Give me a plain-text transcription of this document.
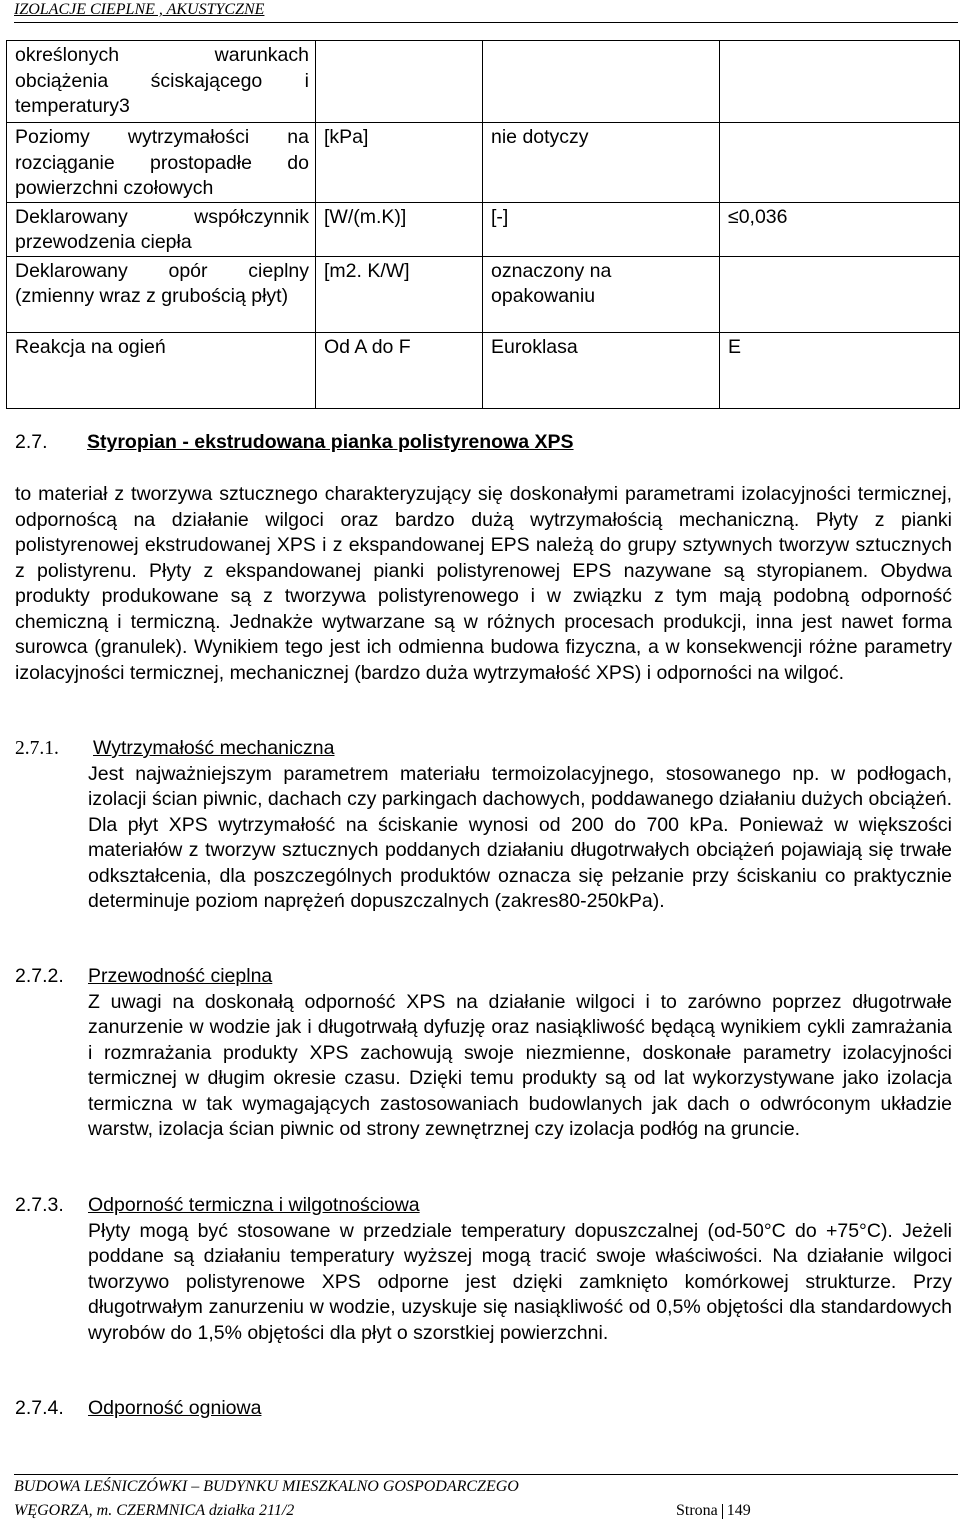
IZOLACJE CIEPLNE , AKUSTYCZNE
określonych warunkach obciążenia ściskającego i temperatury3			
Poziomy wytrzymałości na rozciąganie prostopadłe do powierzchni czołowych	[kPa]	nie dotyczy	
Deklarowany współczynnik przewodzenia ciepła	[W/(m.K)]	[-]	≤0,036
Deklarowany opór cieplny (zmienny wraz z grubością płyt)	[m2. K/W]	oznaczony na opakowaniu	
Reakcja na ogień	Od A do F	Euroklasa	E
2.7. Styropian - ekstrudowana pianka polistyrenowa XPS
to materiał z tworzywa sztucznego charakteryzujący się doskonałymi parametrami izolacyjności termicznej, odpornoścą na działanie wilgoci oraz bardzo dużą wytrzymałością mechaniczną. Płyty z pianki polistyrenowej ekstrudowanej XPS i z ekspandowanej EPS należą do grupy sztywnych tworzyw sztucznych z polistyrenu. Płyty z ekspandowanej pianki polistyrenowej EPS nazywane są styropianem. Obydwa produkty produkowane są z tworzywa polistyrenowego i w związku z tym mają podobną odporność chemiczną i termiczną. Jednakże wytwarzane są w różnych procesach produkcji, inna jest nawet forma surowca (granulek). Wynikiem tego jest ich odmienna budowa fizyczna, a w konsekwencji różne parametry izolacyjności termicznej, mechanicznej (bardzo duża wytrzymałość XPS) i odporności na wilgoć.
2.7.1. Wytrzymałość mechaniczna
Jest najważniejszym parametrem materiału termoizolacyjnego, stosowanego np. w podłogach, izolacji ścian piwnic, dachach czy parkingach dachowych, poddawanego działaniu dużych obciążeń. Dla płyt XPS wytrzymałość na ściskanie wynosi od 200 do 700 kPa. Ponieważ w większości materiałów z tworzyw sztucznych poddanych działaniu długotrwałych obciążeń pojawiają się trwałe odkształcenia, dla poszczególnych produktów oznacza się pełzanie przy ściskaniu co praktycznie determinuje poziom naprężeń dopuszczalnych (zakres80-250kPa).
2.7.2. Przewodność cieplna
Z uwagi na doskonałą odporność XPS na działanie wilgoci i to zarówno poprzez długotrwałe zanurzenie w wodzie jak i długotrwałą dyfuzję oraz nasiąkliwość będącą wynikiem cykli zamrażania i rozmrażania produkty XPS zachowują swoje niezmienne, doskonałe parametry izolacyjności termicznej w długim okresie czasu. Dzięki temu produkty są od lat wykorzystywane jako izolacja termiczna w tak wymagających zastosowaniach budowlanych jak dach o odwróconym układzie warstw, izolacja ścian piwnic od strony zewnętrznej czy izolacja podłóg na gruncie.
2.7.3. Odporność termiczna i wilgotnościowa
Płyty mogą być stosowane w przedziale temperatury dopuszczalnej (od-50°C do +75°C). Jeżeli poddane są działaniu temperatury wyższej mogą tracić swoje właściwości. Na działanie wilgoci tworzywo polistyrenowe XPS odporne jest dzięki zamknięto komórkowej strukturze. Przy długotrwałym zanurzeniu w wodzie, uzyskuje się nasiąkliwość od 0,5% objętości dla standardowych wyrobów do 1,5% objętości dla płyt o szorstkiej powierzchni.
2.7.4. Odporność ogniowa
BUDOWA LEŚNICZÓWKI – BUDYNKU MIESZKALNO GOSPODARCZEGO
WĘGORZA, m. CZERMNICA działka 211/2	Strona 149
